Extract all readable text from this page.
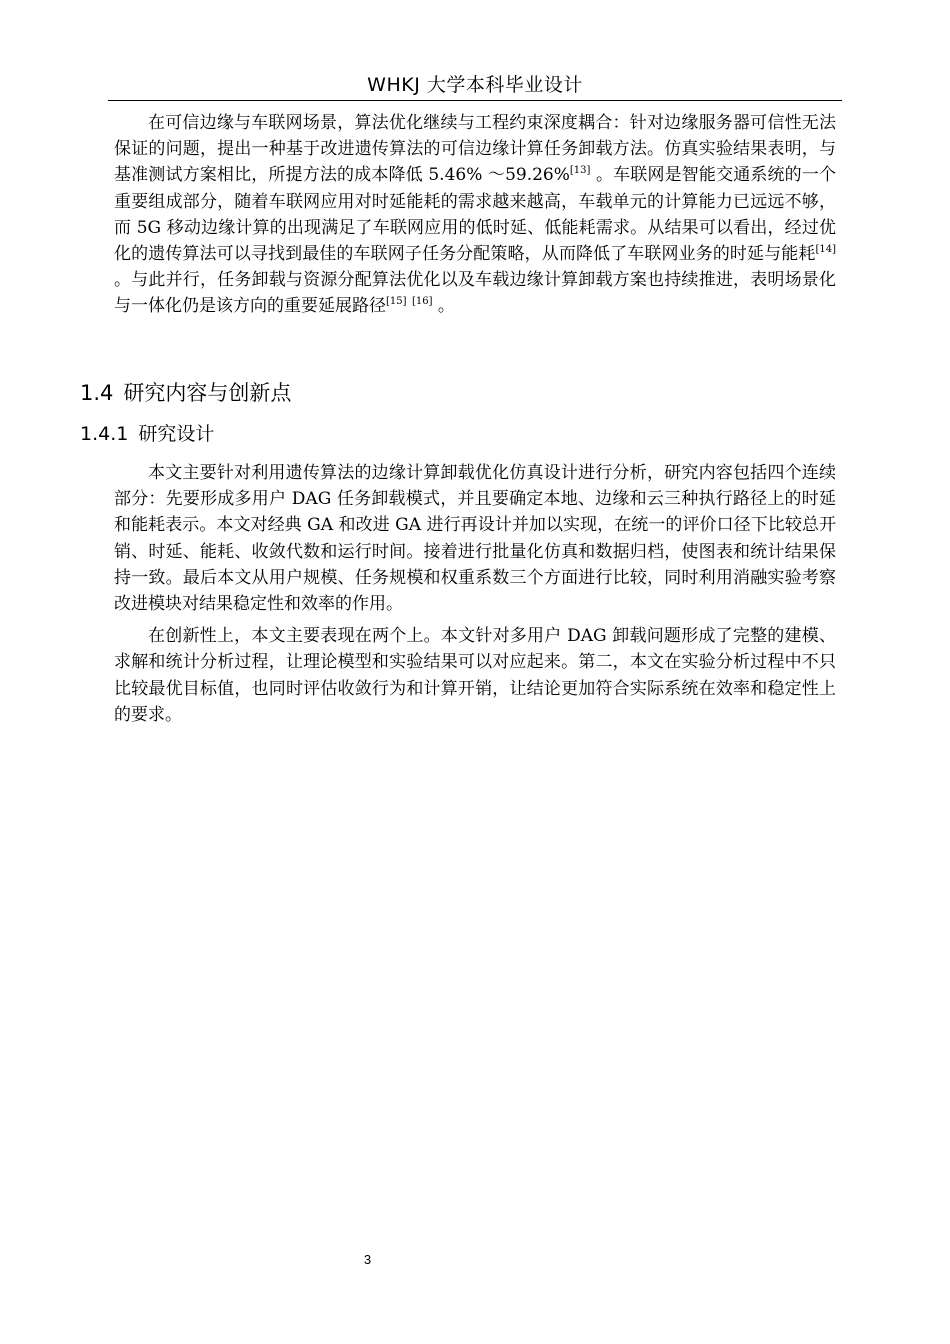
WHKJ 大学本科毕业设计

在可信边缘与车联网场景，算法优化继续与工程约束深度耦合：针对边缘服务器可信性无法保证的问题，提出一种基于改进遗传算法的可信边缘计算任务卸载方法。仿真实验结果表明，与基准测试方案相比，所提方法的成本降低 5.46% ～59.26%[13] 。车联网是智能交通系统的一个重要组成部分，随着车联网应用对时延能耗的需求越来越高，车载单元的计算能力已远远不够，而 5G 移动边缘计算的出现满足了车联网应用的低时延、低能耗需求。从结果可以看出，经过优化的遗传算法可以寻找到最佳的车联网子任务分配策略，从而降低了车联网业务的时延与能耗[14] 。与此并行，任务卸载与资源分配算法优化以及车载边缘计算卸载方案也持续推进，表明场景化与一体化仍是该方向的重要延展路径[15] [16] 。

1.4 研究内容与创新点
1.4.1 研究设计

本文主要针对利用遗传算法的边缘计算卸载优化仿真设计进行分析，研究内容包括四个连续部分：先要形成多用户 DAG 任务卸载模式，并且要确定本地、边缘和云三种执行路径上的时延和能耗表示。本文对经典 GA 和改进 GA 进行再设计并加以实现，在统一的评价口径下比较总开销、时延、能耗、收敛代数和运行时间。接着进行批量化仿真和数据归档，使图表和统计结果保持一致。最后本文从用户规模、任务规模和权重系数三个方面进行比较，同时利用消融实验考察改进模块对结果稳定性和效率的作用。

在创新性上，本文主要表现在两个上。本文针对多用户 DAG 卸载问题形成了完整的建模、求解和统计分析过程，让理论模型和实验结果可以对应起来。第二，本文在实验分析过程中不只比较最优目标值，也同时评估收敛行为和计算开销，让结论更加符合实际系统在效率和稳定性上的要求。

3
